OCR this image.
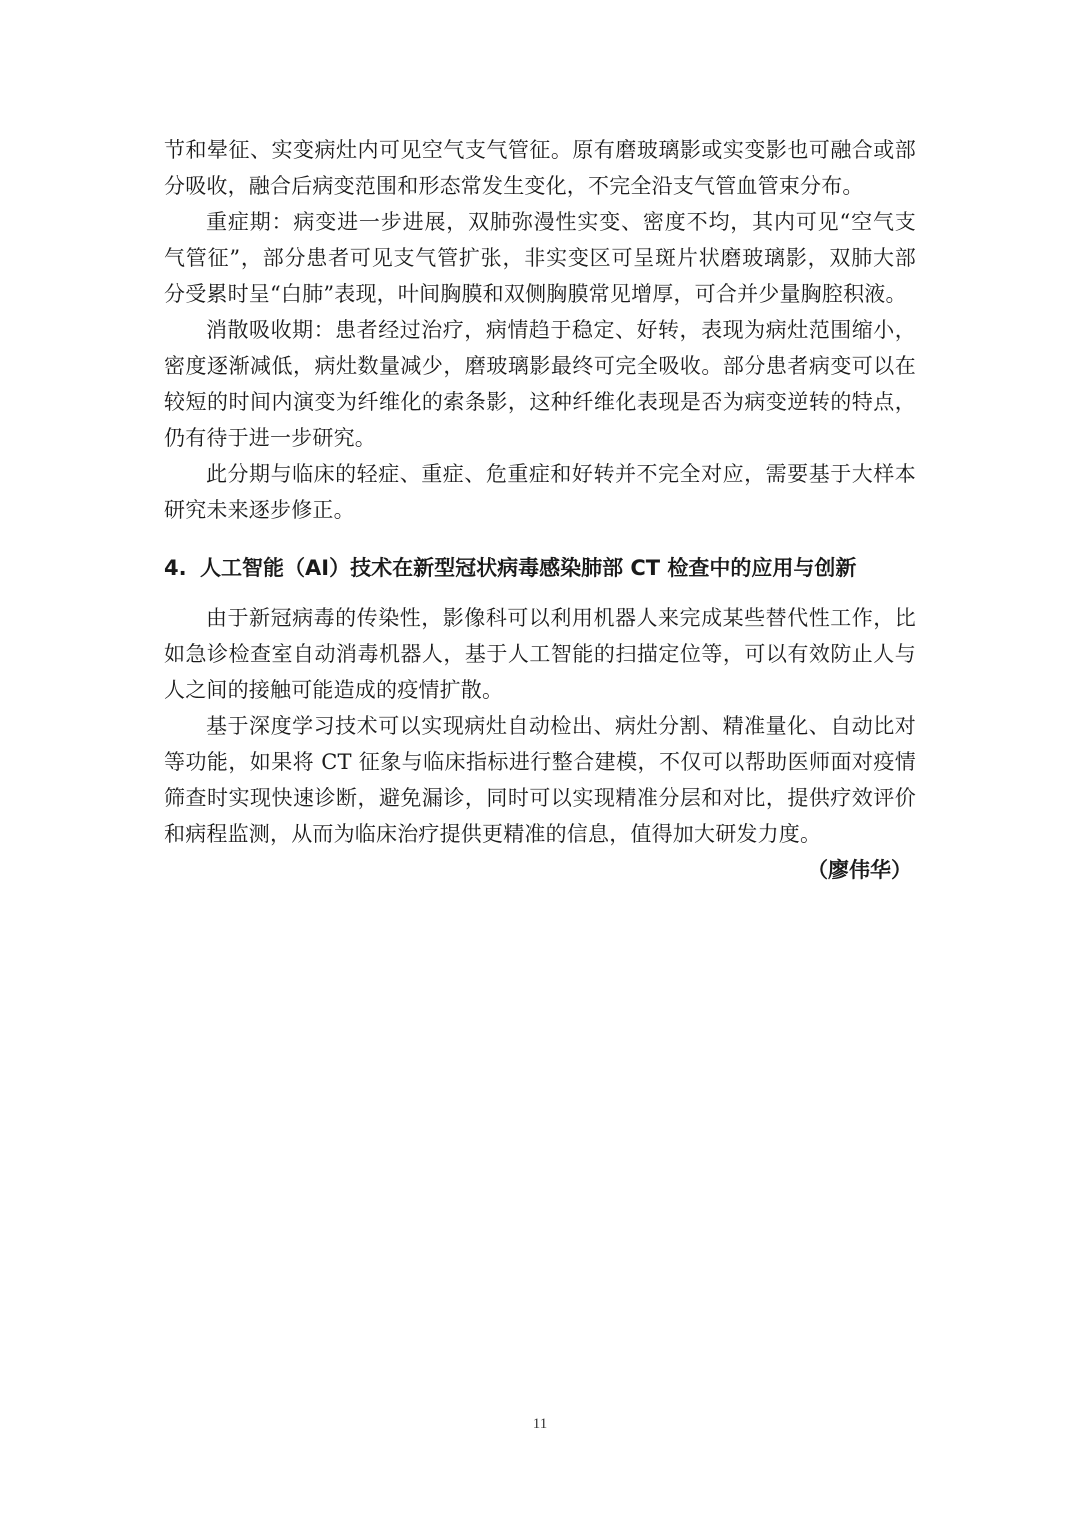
节和晕征、实变病灶内可见空气支气管征。原有磨玻璃影或实变影也可融合或部
分吸收，融合后病变范围和形态常发生变化，不完全沿支气管血管束分布。
重症期：病变进一步进展，双肺弥漫性实变、密度不均，其内可见“空气支
气管征”，部分患者可见支气管扩张，非实变区可呈斑片状磨玻璃影，双肺大部
分受累时呈“白肺”表现，叶间胸膜和双侧胸膜常见增厚，可合并少量胸腔积液。
消散吸收期：患者经过治疗，病情趋于稳定、好转，表现为病灶范围缩小，
密度逐渐减低，病灶数量减少，磨玻璃影最终可完全吸收。部分患者病变可以在
较短的时间内演变为纤维化的索条影，这种纤维化表现是否为病变逆转的特点，
仍有待于进一步研究。
此分期与临床的轻症、重症、危重症和好转并不完全对应，需要基于大样本
研究未来逐步修正。
4. 人工智能（AI）技术在新型冠状病毒感染肺部 CT 检查中的应用与创新
由于新冠病毒的传染性，影像科可以利用机器人来完成某些替代性工作，比
如急诊检查室自动消毒机器人，基于人工智能的扫描定位等，可以有效防止人与
人之间的接触可能造成的疫情扩散。
基于深度学习技术可以实现病灶自动检出、病灶分割、精准量化、自动比对
等功能，如果将 CT 征象与临床指标进行整合建模，不仅可以帮助医师面对疫情
筛查时实现快速诊断，避免漏诊，同时可以实现精准分层和对比，提供疗效评价
和病程监测，从而为临床治疗提供更精准的信息，值得加大研发力度。
（廖伟华）
11
